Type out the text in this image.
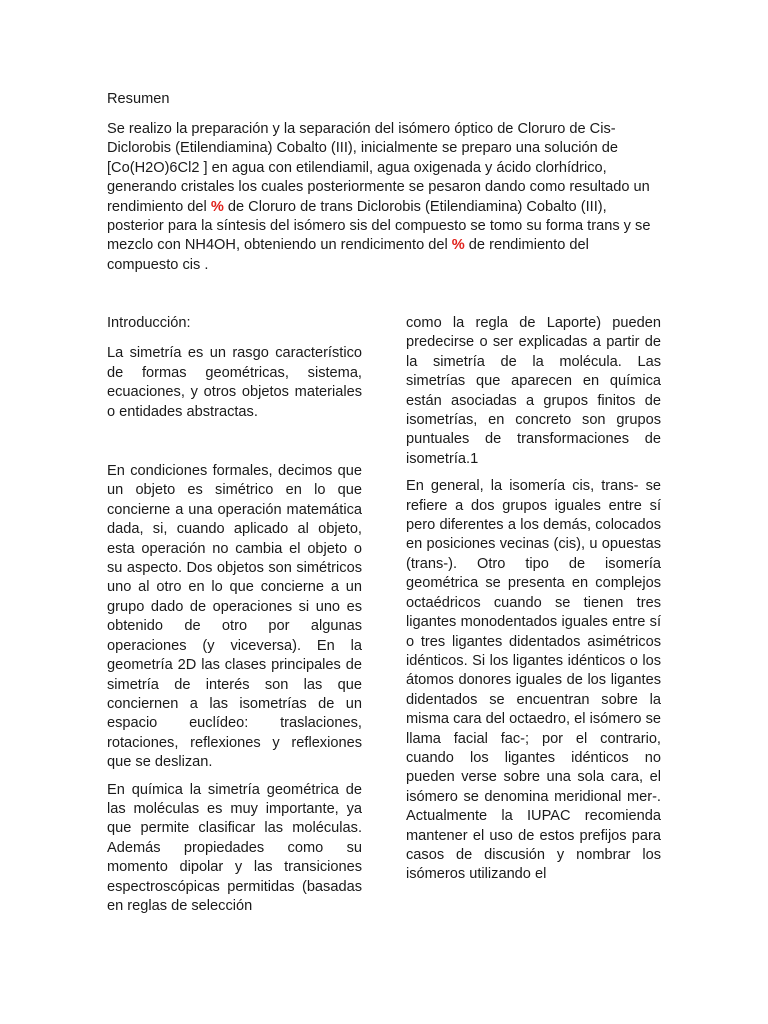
Resumen

Se realizo la preparación y la separación del isómero óptico de Cloruro de Cis-Diclorobis (Etilendiamina) Cobalto (III), inicialmente se preparo una solución de [Co(H2O)6Cl2 ] en agua con etilendiamil, agua oxigenada y ácido clorhídrico, generando cristales los cuales posteriormente se pesaron dando como resultado un rendimiento del % de Cloruro de trans Diclorobis (Etilendiamina) Cobalto (III), posterior para la síntesis del isómero sis del compuesto se tomo su forma trans y se mezclo con NH4OH, obteniendo un rendicimento del % de rendimiento del compuesto cis .

Introducción:

La simetría es un rasgo característico de formas geométricas, sistema, ecuaciones, y otros objetos materiales o entidades abstractas.

En condiciones formales, decimos que un objeto es simétrico en lo que concierne a una operación matemática dada, si, cuando aplicado al objeto, esta operación no cambia el objeto o su aspecto. Dos objetos son simétricos uno al otro en lo que concierne a un grupo dado de operaciones si uno es obtenido de otro por algunas operaciones (y viceversa). En la geometría 2D las clases principales de simetría de interés son las que conciernen a las isometrías de un espacio euclídeo: traslaciones, rotaciones, reflexiones y reflexiones que se deslizan.

En química la simetría geométrica de las moléculas es muy importante, ya que permite clasificar las moléculas. Además propiedades como su momento dipolar y las transiciones espectroscópicas permitidas (basadas en reglas de selección

como la regla de Laporte) pueden predecirse o ser explicadas a partir de la simetría de la molécula. Las simetrías que aparecen en química están asociadas a grupos finitos de isometrías, en concreto son grupos puntuales de transformaciones de isometría.1

En general, la isomería cis, trans- se refiere a dos grupos iguales entre sí pero diferentes a los demás, colocados en posiciones vecinas (cis), u opuestas (trans-). Otro tipo de isomería geométrica se presenta en complejos octaédricos cuando se tienen tres ligantes monodentados iguales entre sí o tres ligantes didentados asimétricos idénticos. Si los ligantes idénticos o los átomos donores iguales de los ligantes didentados se encuentran sobre la misma cara del octaedro, el isómero se llama facial fac-; por el contrario, cuando los ligantes idénticos no pueden verse sobre una sola cara, el isómero se denomina meridional mer-. Actualmente la IUPAC recomienda mantener el uso de estos prefijos para casos de discusión y nombrar los isómeros utilizando el
